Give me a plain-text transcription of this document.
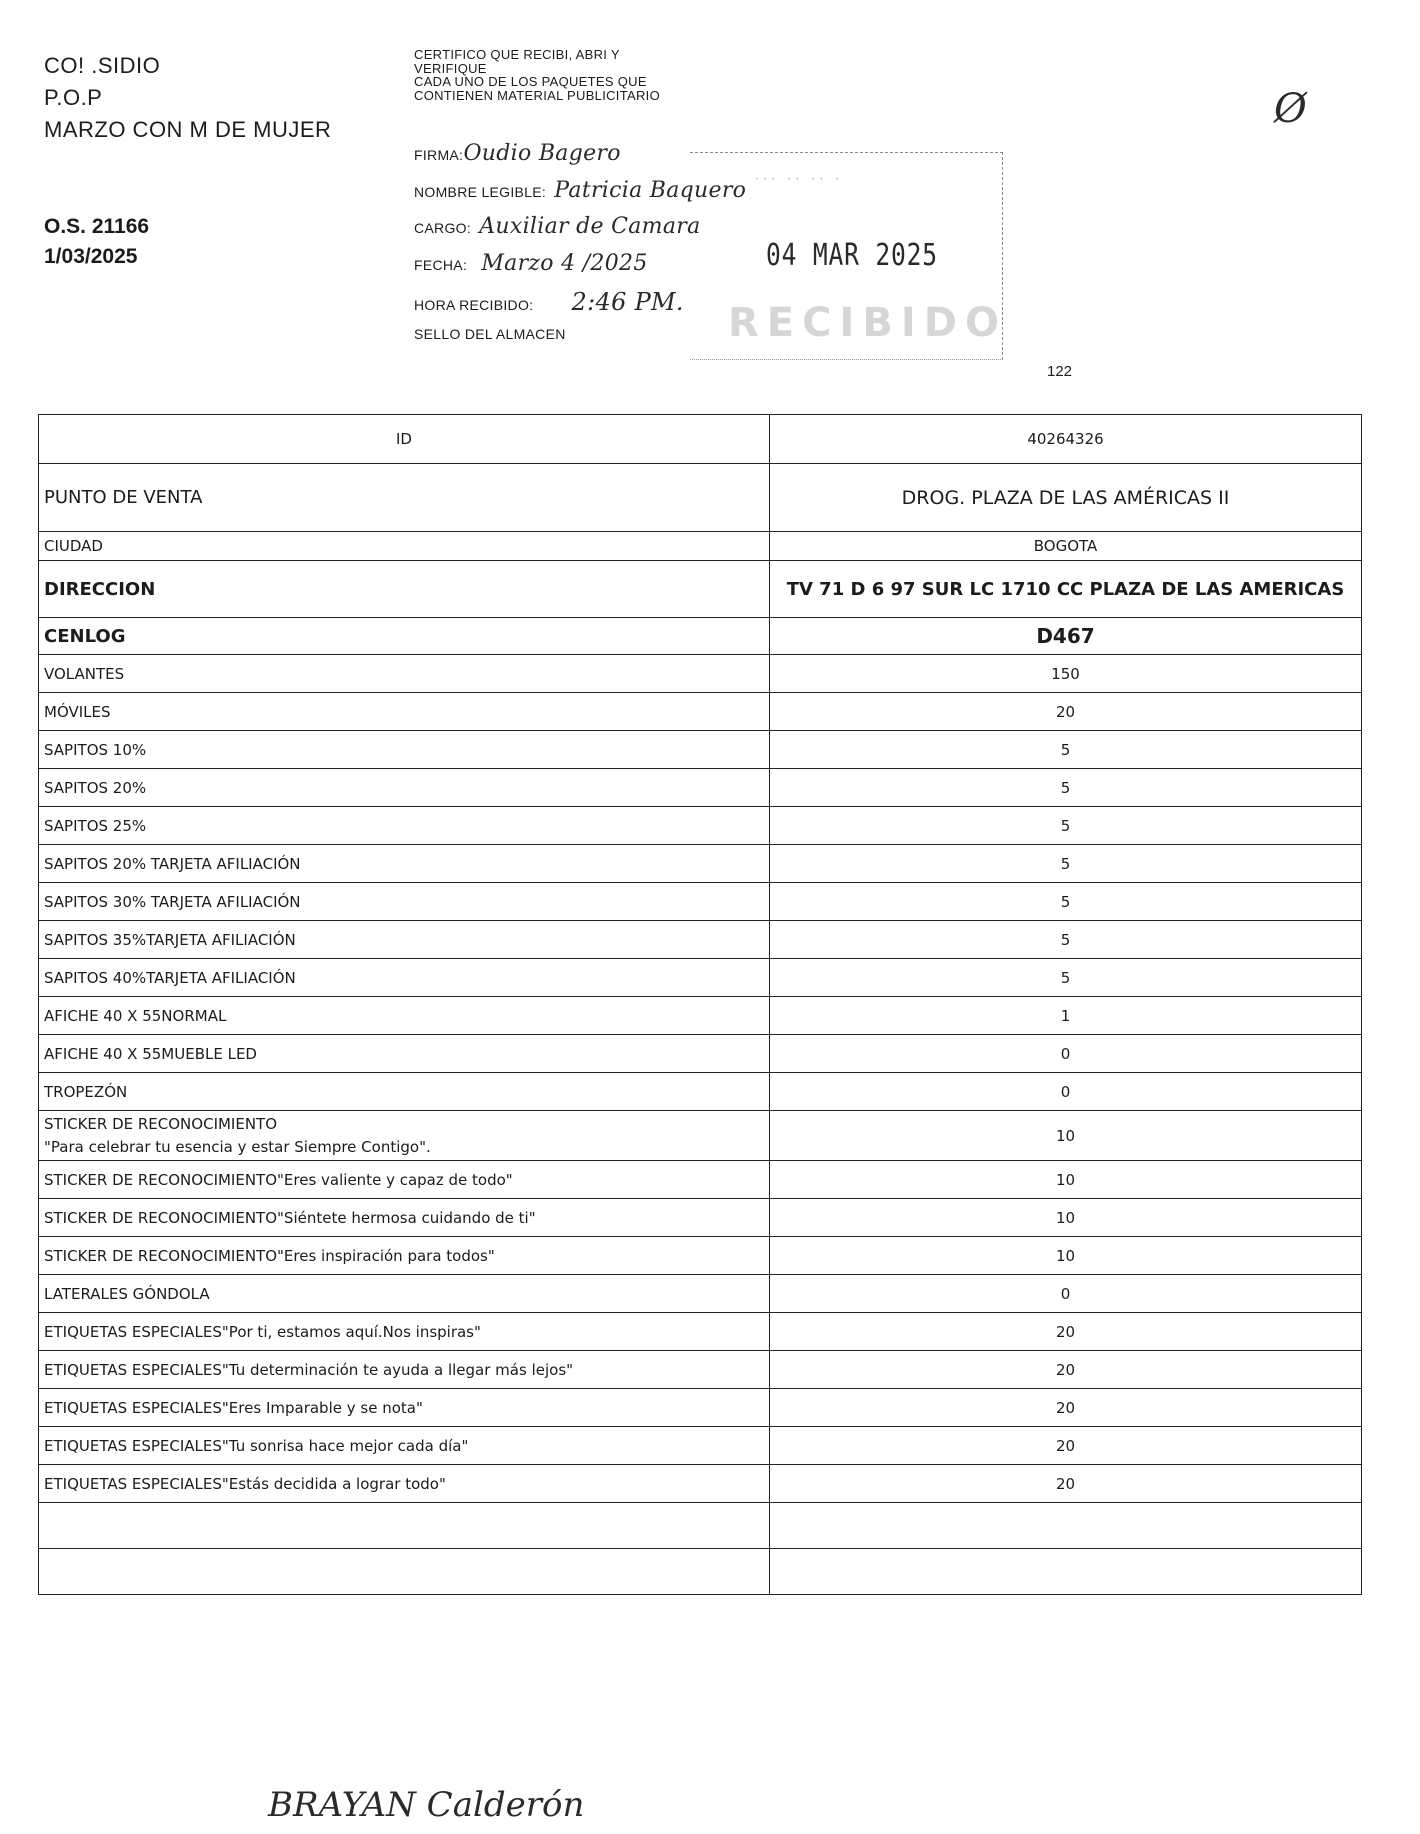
CO! .SIDIO
P.O.P
MARZO CON M DE MUJER
O.S. 21166
1/03/2025
CERTIFICO QUE RECIBI, ABRI Y
VERIFIQUE
CADA UNO DE LOS PAQUETES QUE
CONTIENEN MATERIAL PUBLICITARIO
FIRMA: Oudio Bagero
NOMBRE LEGIBLE: Patricia Baquero
CARGO: Auxiliar de Camara
FECHA: Marzo 4 /2025
HORA RECIBIDO: 2:46 PM.
SELLO DEL ALMACEN
··· ·· ·· ·
04 MAR 2025
RECIBIDO
Ø
122
ID	40264326
PUNTO DE VENTA	DROG. PLAZA DE LAS AMÉRICAS II
CIUDAD	BOGOTA
DIRECCION	TV 71 D 6 97 SUR LC 1710 CC PLAZA DE LAS AMERICAS
CENLOG	D467
VOLANTES	150
MÓVILES	20
SAPITOS 10%	5
SAPITOS 20%	5
SAPITOS 25%	5
SAPITOS 20% TARJETA AFILIACIÓN	5
SAPITOS 30% TARJETA AFILIACIÓN	5
SAPITOS 35%TARJETA AFILIACIÓN	5
SAPITOS 40%TARJETA AFILIACIÓN	5
AFICHE 40 X 55NORMAL	1
AFICHE 40 X 55MUEBLE LED	0
TROPEZÓN	0

STICKER DE RECONOCIMIENTO
"Para celebrar tu esencia y estar Siempre Contigo".	10
STICKER DE RECONOCIMIENTO"Eres valiente y capaz de todo"	10
STICKER DE RECONOCIMIENTO"Siéntete hermosa cuidando de ti"	10
STICKER DE RECONOCIMIENTO"Eres inspiración para todos"	10
LATERALES GÓNDOLA	0
ETIQUETAS ESPECIALES"Por ti, estamos aquí.Nos inspiras"	20
ETIQUETAS ESPECIALES"Tu determinación te ayuda a llegar más lejos"	20
ETIQUETAS ESPECIALES"Eres Imparable y se nota"	20
ETIQUETAS ESPECIALES"Tu sonrisa hace mejor cada día"	20
ETIQUETAS ESPECIALES"Estás decidida a lograr todo"	20

BRAYAN Calderón
